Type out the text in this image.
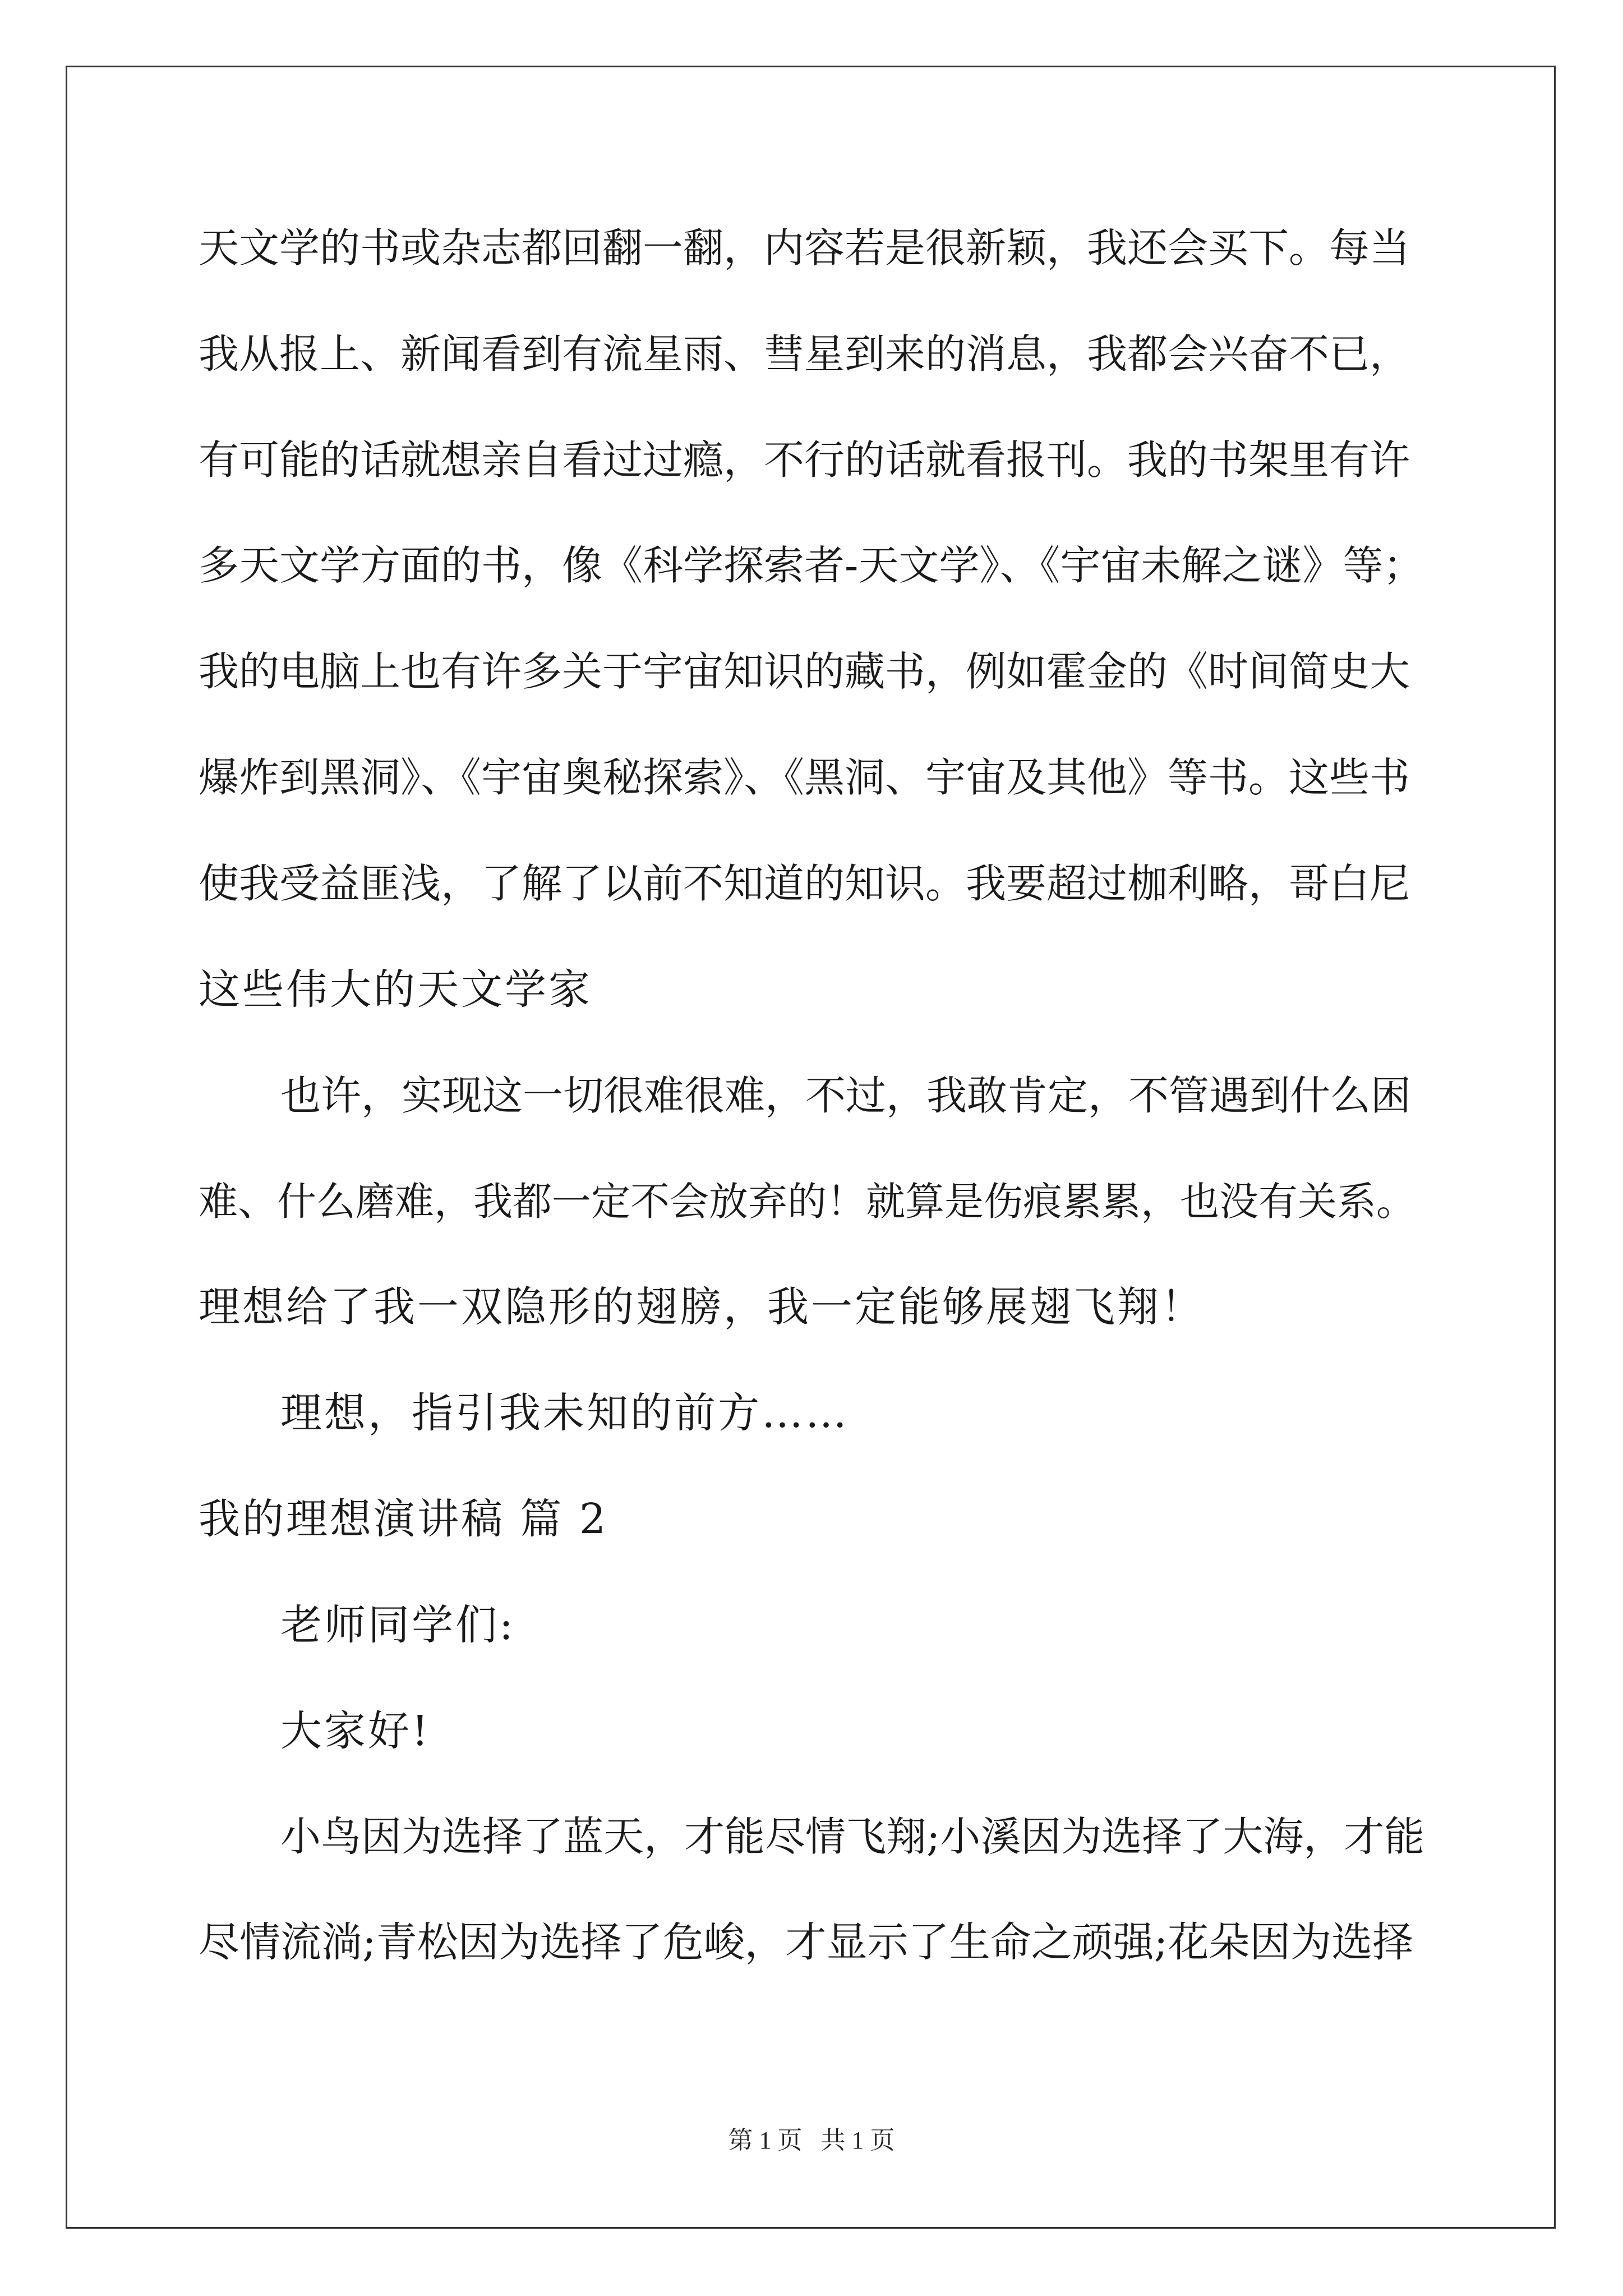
天文学的书或杂志都回翻一翻，内容若是很新颖，我还会买下。每当
我从报上、新闻看到有流星雨、彗星到来的消息，我都会兴奋不已，
有可能的话就想亲自看过过瘾，不行的话就看报刊。我的书架里有许
多天文学方面的书，像《科学探索者-天文学》、《宇宙未解之谜》等；
我的电脑上也有许多关于宇宙知识的藏书，例如霍金的《时间简史大
爆炸到黑洞》、《宇宙奥秘探索》、《黑洞、宇宙及其他》等书。这些书
使我受益匪浅，了解了以前不知道的知识。我要超过枷利略，哥白尼
这些伟大的天文学家
也许，实现这一切很难很难，不过，我敢肯定，不管遇到什么困
难、什么磨难，我都一定不会放弃的！就算是伤痕累累，也没有关系。
理想给了我一双隐形的翅膀，我一定能够展翅飞翔！
理想，指引我未知的前方……
我的理想演讲稿 篇 2
老师同学们:
大家好!
小鸟因为选择了蓝天，才能尽情飞翔;小溪因为选择了大海，才能
尽情流淌;青松因为选择了危峻，才显示了生命之顽强;花朵因为选择
第 1 页   共 1 页
